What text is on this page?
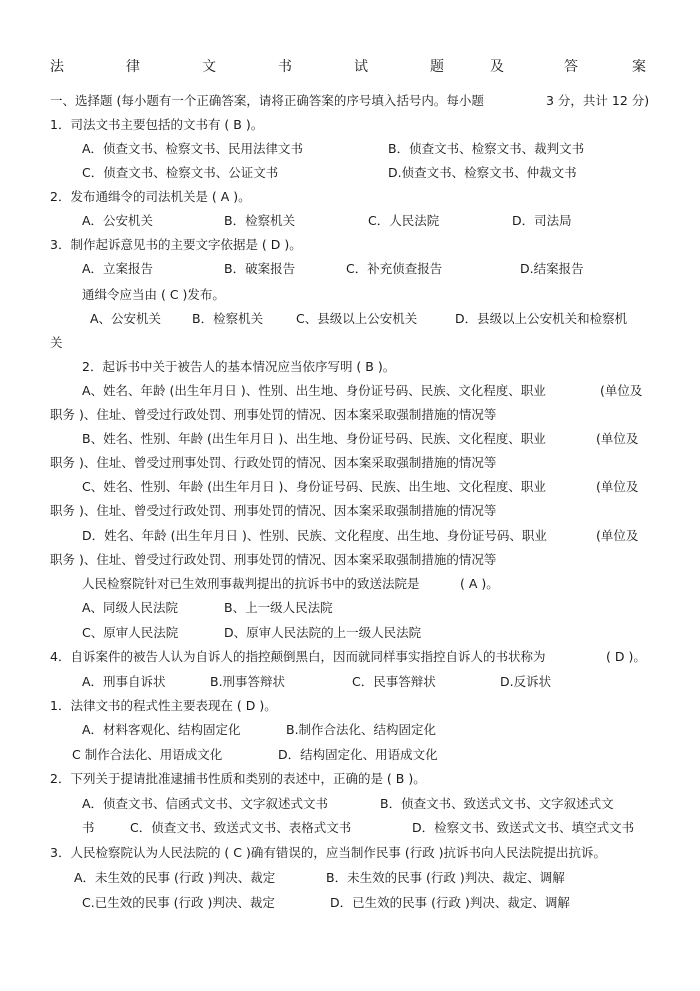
法	律	文	书	试	题	及	答	案
一、选择题 (每小题有一个正确答案，请将正确答案的序号填入括号内。每小题	3 分，共计 12 分)
1．司法文书主要包括的文书有 ( B )。
A．侦查文书、检察文书、民用法律文书	B．侦查文书、检察文书、裁判文书
C．侦查文书、检察文书、公证文书	D.侦查文书、检察文书、仲裁文书
2．发布通缉令的司法机关是 ( A )。
A．公安机关	B．检察机关	C．人民法院	D．司法局
3．制作起诉意见书的主要文字依据是 ( D )。
A．立案报告	B．破案报告	C．补充侦查报告	D.结案报告
通缉令应当由 ( C )发布。
A、公安机关 B．检察机关	C、县级以上公安机关	D．县级以上公安机关和检察机
关
2．起诉书中关于被告人的基本情况应当依序写明 ( B )。
A、姓名、年龄 (出生年月日 )、性别、出生地、身份证号码、民族、文化程度、职业	(单位及
职务 )、住址、曾受过行政处罚、刑事处罚的情况、因本案采取强制措施的情况等
B、姓名、性别、年龄 (出生年月日 )、出生地、身份证号码、民族、文化程度、职业	(单位及
职务 )、住址、曾受过刑事处罚、行政处罚的情况、因本案采取强制措施的情况等
C、姓名、性别、年龄 (出生年月日 )、身份证号码、民族、出生地、文化程度、职业	(单位及
职务 )、住址、曾受过行政处罚、刑事处罚的情况、因本案采取强制措施的情况等
D．姓名、年龄 (出生年月日 )、性别、民族、文化程度、出生地、身份证号码、职业	(单位及
职务 )、住址、曾受过行政处罚、刑事处罚的情况、因本案采取强制措施的情况等
人民检察院针对已生效刑事裁判提出的抗诉书中的致送法院是	( A )。
A、同级人民法院	B、上一级人民法院
C、原审人民法院	D、原审人民法院的上一级人民法院
4．自诉案件的被告人认为自诉人的指控颠倒黑白，因而就同样事实指控自诉人的书状称为	( D )。
A．刑事自诉状	B.刑事答辩状	C．民事答辩状	D.反诉状
1．法律文书的程式性主要表现在 ( D )。
A．材料客观化、结构固定化	B.制作合法化、结构固定化
C 制作合法化、用语成文化	D．结构固定化、用语成文化
2．下列关于提请批准逮捕书性质和类别的表述中，正确的是 ( B )。
A．侦查文书、信函式文书、文字叙述式文书	B．侦查文书、致送式文书、文字叙述式文
书	C．侦查文书、致送式文书、表格式文书	D．检察文书、致送式文书、填空式文书
3．人民检察院认为人民法院的 ( C )确有错误的，应当制作民事 (行政 )抗诉书向人民法院提出抗诉。
A．未生效的民事 (行政 )判决、裁定	B．未生效的民事 (行政 )判决、裁定、调解
C.已生效的民事 (行政 )判决、裁定	D．已生效的民事 (行政 )判决、裁定、调解
